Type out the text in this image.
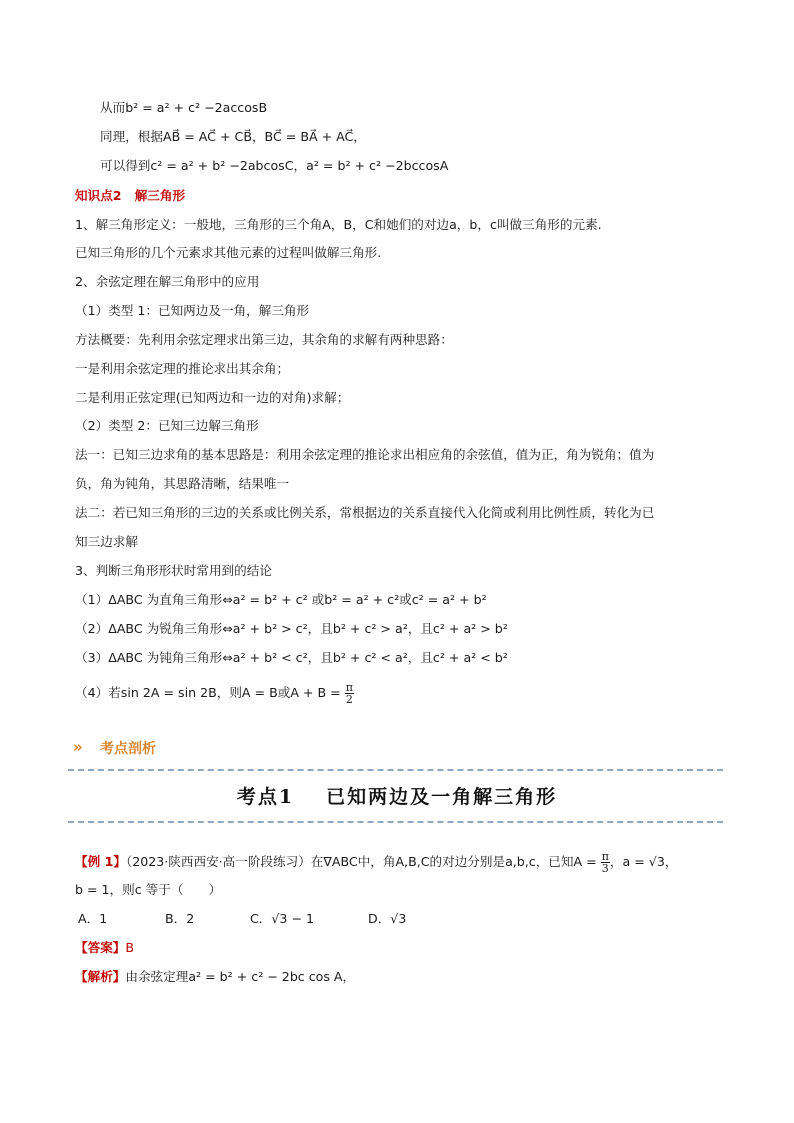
从而b² = a² + c² −2accosB
同理，根据AB⃗ = AC⃗ + CB⃗，BC⃗ = BA⃗ + AC⃗，
可以得到c² = a² + b² −2abcosC，a² = b² + c² −2bccosA
知识点2 解三角形
1、解三角形定义：一般地，三角形的三个角A，B，C和她们的对边a，b，c叫做三角形的元素.
已知三角形的几个元素求其他元素的过程叫做解三角形.
2、余弦定理在解三角形中的应用
（1）类型 1：已知两边及一角，解三角形
方法概要：先利用余弦定理求出第三边，其余角的求解有两种思路：
一是利用余弦定理的推论求出其余角；
二是利用正弦定理(已知两边和一边的对角)求解；
（2）类型 2：已知三边解三角形
法一：已知三边求角的基本思路是：利用余弦定理的推论求出相应角的余弦值，值为正，角为锐角；值为
负，角为钝角，其思路清晰，结果唯一
法二：若已知三角形的三边的关系或比例关系，常根据边的关系直接代入化简或利用比例性质，转化为已
知三边求解
3、判断三角形形状时常用到的结论
（1）ΔABC 为直角三角形⇔a² = b² + c² 或b² = a² + c²或c² = a² + b²
（2）ΔABC 为锐角三角形⇔a² + b² > c²，且b² + c² > a²，且c² + a² > b²
（3）ΔABC 为钝角三角形⇔a² + b² < c²，且b² + c² < a²，且c² + a² < b²
（4）若sin 2A = sin 2B，则A = B或$A + B = \frac{\pi}{2}$
» 考点剖析
考点1 已知两边及一角解三角形
【例 1】（2023·陕西西安·高一阶段练习）在∇ABC中，角A,B,C的对边分别是a,b,c，已知$A = \frac{\pi}{3}$ ，a = √3，
b = 1，则c 等于（　　）
A．1	B．2	C．√3 − 1	D．√3
【答案】B
【解析】由余弦定理a² = b² + c² − 2bc cos A，
